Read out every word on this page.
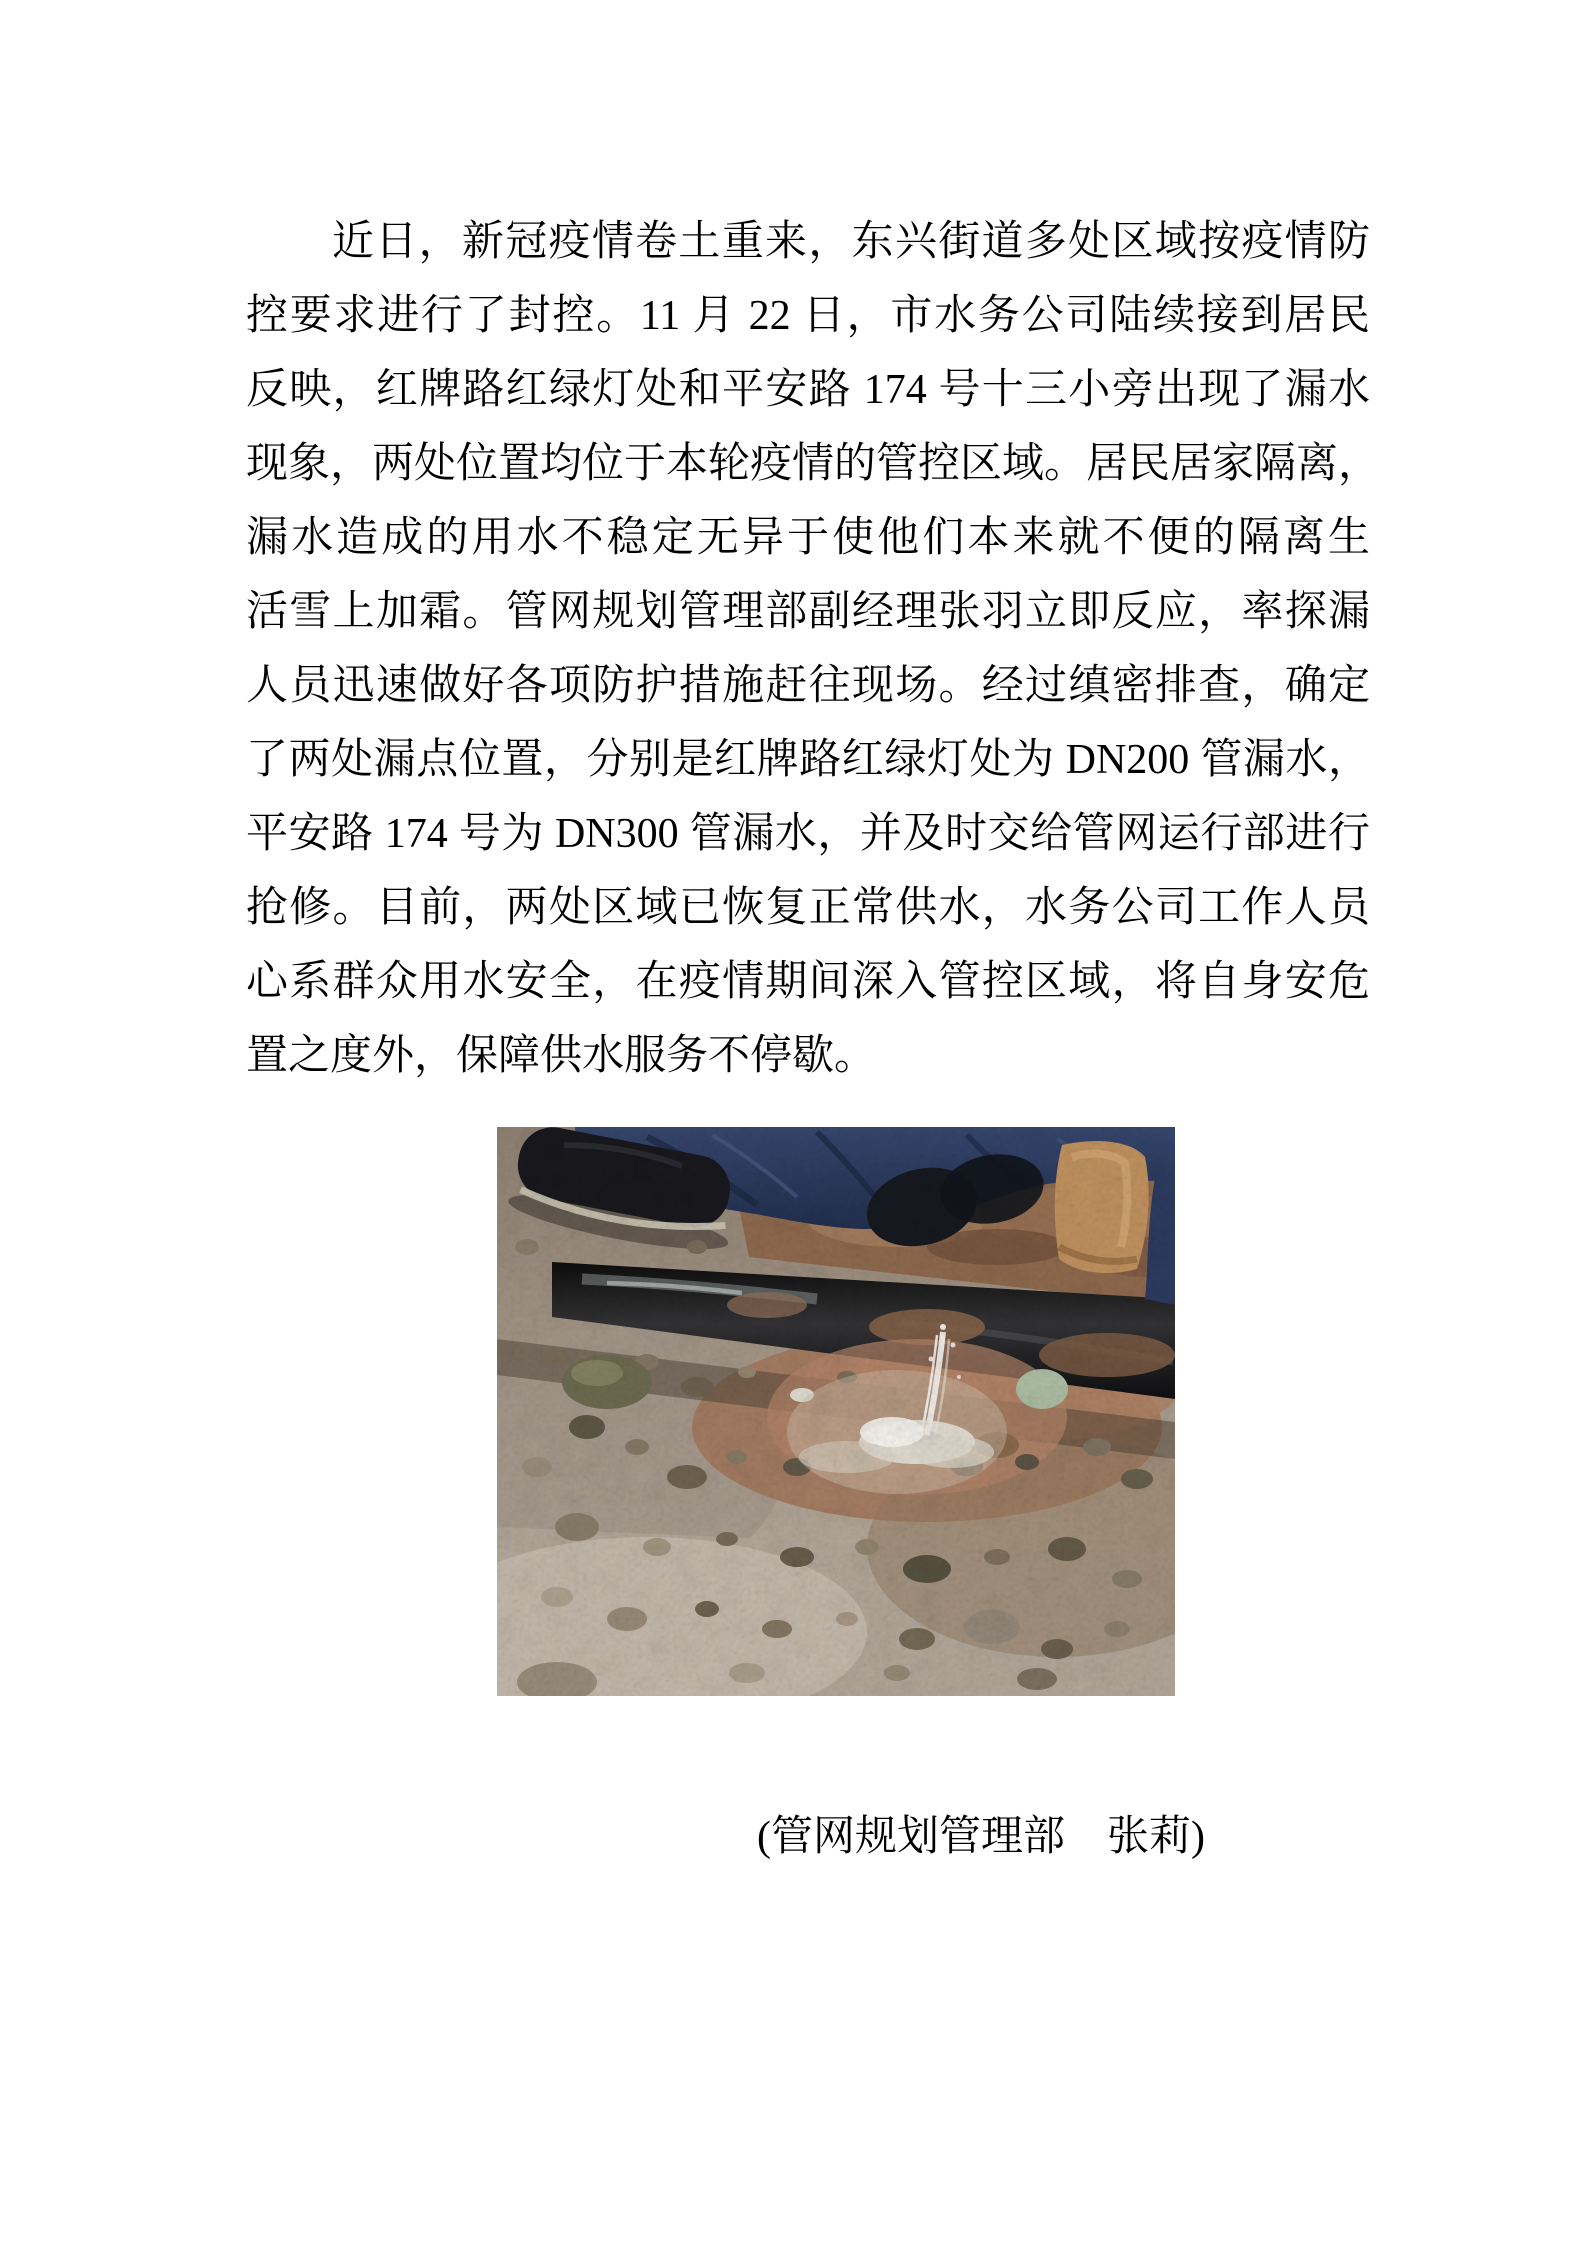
近日，新冠疫情卷土重来，东兴街道多处区域按疫情防
控要求进行了封控。11 月 22 日，市水务公司陆续接到居民
反映，红牌路红绿灯处和平安路 174 号十三小旁出现了漏水
现象，两处位置均位于本轮疫情的管控区域。居民居家隔离，
漏水造成的用水不稳定无异于使他们本来就不便的隔离生
活雪上加霜。管网规划管理部副经理张羽立即反应，率探漏
人员迅速做好各项防护措施赶往现场。经过缜密排查，确定
了两处漏点位置，分别是红牌路红绿灯处为 DN200 管漏水，
平安路 174 号为 DN300 管漏水，并及时交给管网运行部进行
抢修。目前，两处区域已恢复正常供水，水务公司工作人员
心系群众用水安全，在疫情期间深入管控区域，将自身安危
置之度外，保障供水服务不停歇。
(管网规划管理部　张莉)
